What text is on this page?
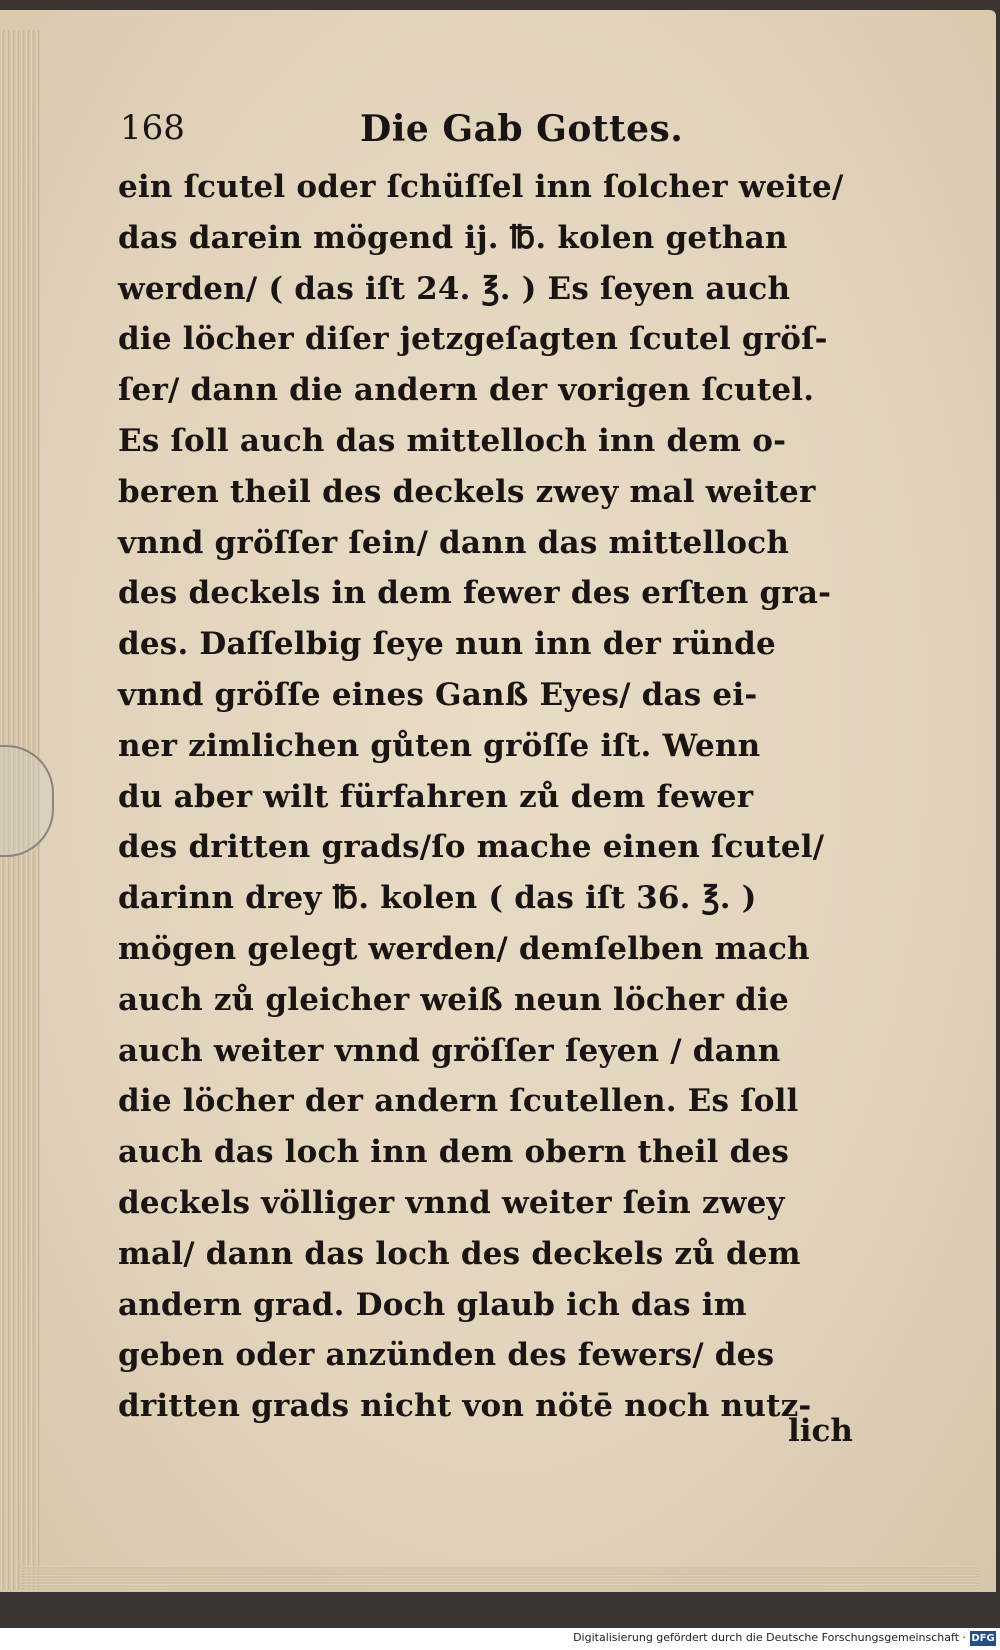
168	Die Gab Gottes.
ein ſcutel oder ſchüſſel inn ſolcher weite/
das darein mögend ij. ℔. kolen gethan
werden/ ( das iſt 24. ℥. ) Es ſeyen auch
die löcher diſer jetzgeſagten ſcutel gröſ-
ſer/ dann die andern der vorigen ſcutel.
Es ſoll auch das mittelloch inn dem o-
beren theil des deckels zwey mal weiter
vnnd gröſſer ſein/ dann das mittelloch
des deckels in dem fewer des erſten gra-
des. Daſſelbig ſeye nun inn der ründe
vnnd gröſſe eines Ganß Eyes/ das ei-
ner zimlichen gůten gröſſe iſt. Wenn
du aber wilt fürfahren zů dem fewer
des dritten grads/ſo mache einen ſcutel/
darinn drey ℔. kolen ( das iſt 36. ℥. )
mögen gelegt werden/ demſelben mach
auch zů gleicher weiß neun löcher die
auch weiter vnnd gröſſer ſeyen / dann
die löcher der andern ſcutellen. Es ſoll
auch das loch inn dem obern theil des
deckels völliger vnnd weiter ſein zwey
mal/ dann das loch des deckels zů dem
andern grad. Doch glaub ich das im
geben oder anzünden des fewers/ des
dritten grads nicht von nötē noch nutz-
lich
Digitalisierung gefördert durch die Deutsche Forschungsgemeinschaft · DFG
